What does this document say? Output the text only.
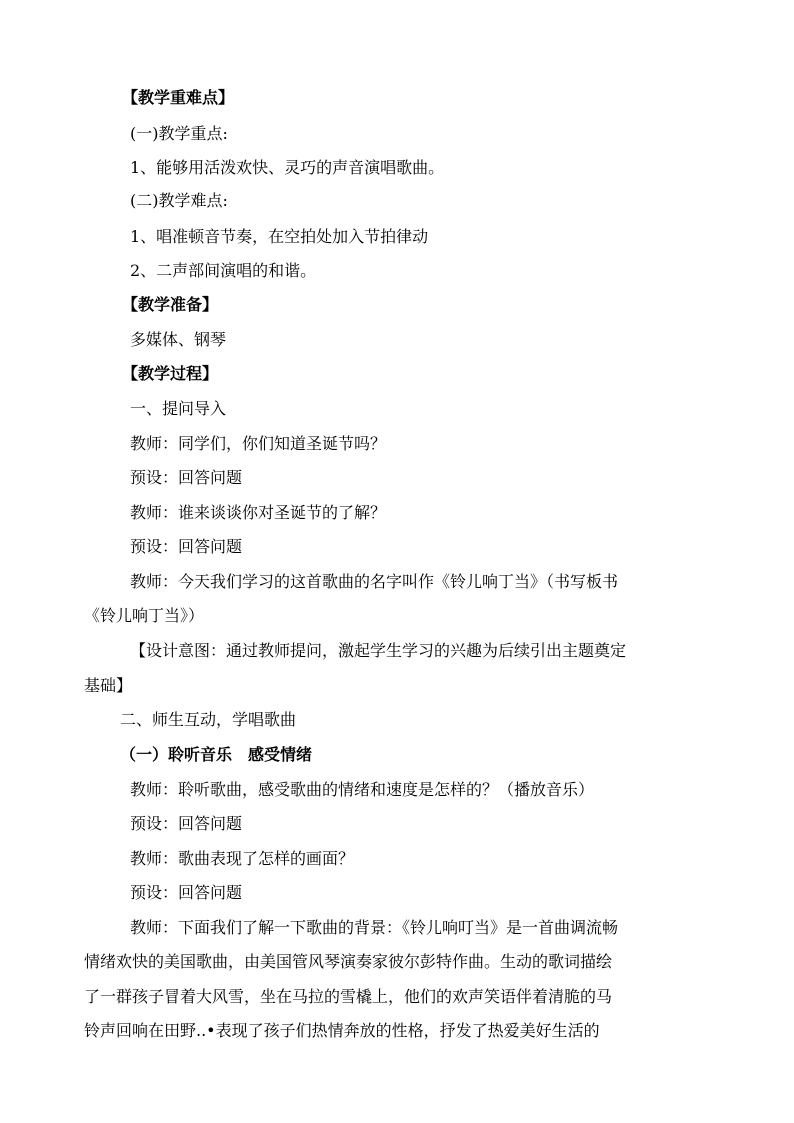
【教学重难点】
(一)教学重点:
1、能够用活泼欢快、灵巧的声音演唱歌曲。
(二)教学难点:
1、唱准顿音节奏，在空拍处加入节拍律动
2、二声部间演唱的和谐。
【教学准备】
多媒体、钢琴
【教学过程】
一、提问导入
教师：同学们，你们知道圣诞节吗？
预设：回答问题
教师：谁来谈谈你对圣诞节的了解？
预设：回答问题
教师：今天我们学习的这首歌曲的名字叫作《铃儿响丁当》（书写板书
《铃儿响丁当》）
【设计意图：通过教师提问，激起学生学习的兴趣为后续引出主题奠定
基础】
二、师生互动，学唱歌曲
（一）聆听音乐　感受情绪
教师：聆听歌曲，感受歌曲的情绪和速度是怎样的？（播放音乐）
预设：回答问题
教师：歌曲表现了怎样的画面？
预设：回答问题
教师：下面我们了解一下歌曲的背景：《铃儿响叮当》是一首曲调流畅
情绪欢快的美国歌曲，由美国管风琴演奏家彼尔彭特作曲。生动的歌词描绘
了一群孩子冒着大风雪，坐在马拉的雪橇上，他们的欢声笑语伴着清脆的马
铃声回响在田野..•表现了孩子们热情奔放的性格，抒发了热爱美好生活的
